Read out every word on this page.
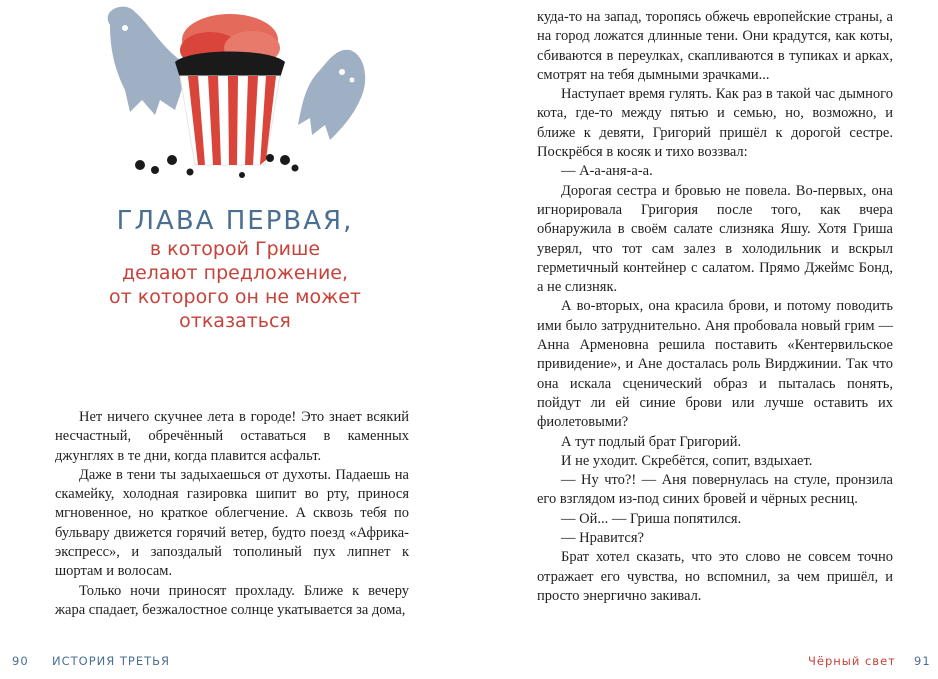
ГЛАВА ПЕРВАЯ,
в которой Грише
делают предложение,
от которого он не может
отказаться

Нет ничего скучнее лета в городе! Это знает всякий несчастный, обречённый оставаться в каменных джунглях в те дни, когда плавится асфальт.

Даже в тени ты задыхаешься от духоты. Падаешь на скамейку, холодная газировка шипит во рту, принося мгновенное, но краткое облегчение. А сквозь тебя по бульвару движется горячий ветер, будто поезд «Африка-экспресс», и запоздалый тополиный пух липнет к шортам и волосам.

Только ночи приносят прохладу. Ближе к вечеру жара спадает, безжалостное солнце укатывается за дома,

90 ИСТОРИЯ ТРЕТЬЯ

куда-то на запад, торопясь обжечь европейские страны, а на город ложатся длинные тени. Они крадутся, как коты, сбиваются в переулках, скапливаются в тупиках и арках, смотрят на тебя дымными зрачками...

Наступает время гулять. Как раз в такой час дымного кота, где-то между пятью и семью, но, возможно, и ближе к девяти, Григорий пришёл к дорогой сестре. Поскрёбся в косяк и тихо воззвал:

— А-а-аня-а-а.

Дорогая сестра и бровью не повела. Во-первых, она игнорировала Григория после того, как вчера обнаружила в своём салате слизняка Яшу. Хотя Гриша уверял, что тот сам залез в холодильник и вскрыл герметичный контейнер с салатом. Прямо Джеймс Бонд, а не слизняк.

А во-вторых, она красила брови, и потому поводить ими было затруднительно. Аня пробовала новый грим — Анна Арменовна решила поставить «Кентервильское привидение», и Ане досталась роль Вирджинии. Так что она искала сценический образ и пыталась понять, пойдут ли ей синие брови или лучше оставить их фиолетовыми?

А тут подлый брат Григорий.

И не уходит. Скребётся, сопит, вздыхает.

— Ну что?! — Аня повернулась на стуле, пронзила его взглядом из-под синих бровей и чёрных ресниц.

— Ой... — Гриша попятился.

— Нравится?

Брат хотел сказать, что это слово не совсем точно отражает его чувства, но вспомнил, за чем пришёл, и просто энергично закивал.

Чёрный свет 91
